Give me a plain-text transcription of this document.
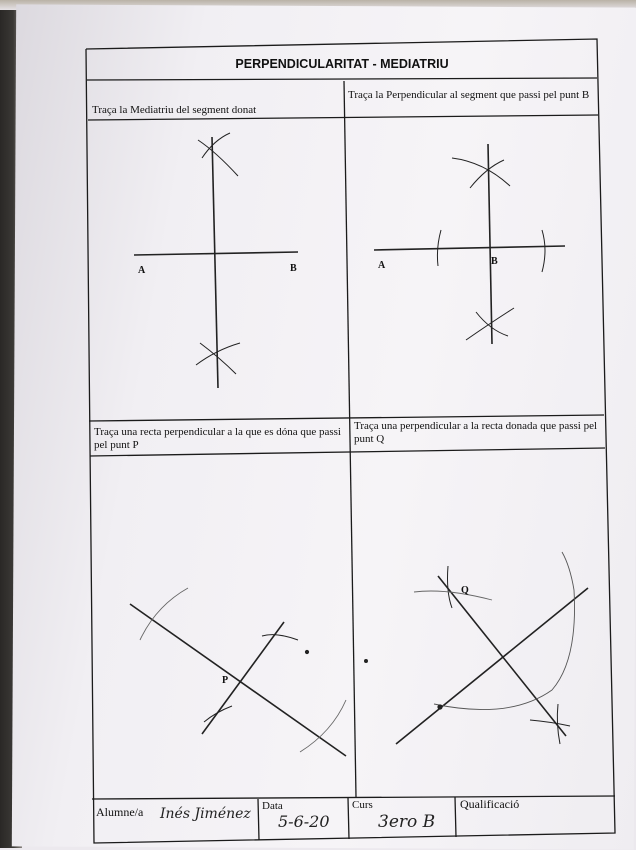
PERPENDICULARITAT - MEDIATRIU
Traça la Mediatriu del segment donat
Traça la Perpendicular al segment que passi pel punt B
Traça una recta perpendicular a la que es dóna que passi pel punt P
Traça una perpendicular a la recta donada que passi pel punt Q
A	B	A	B
P
Q
Alumne/a Inés Jiménez Data
5-6-20
Curs
3ero B
Qualificació
